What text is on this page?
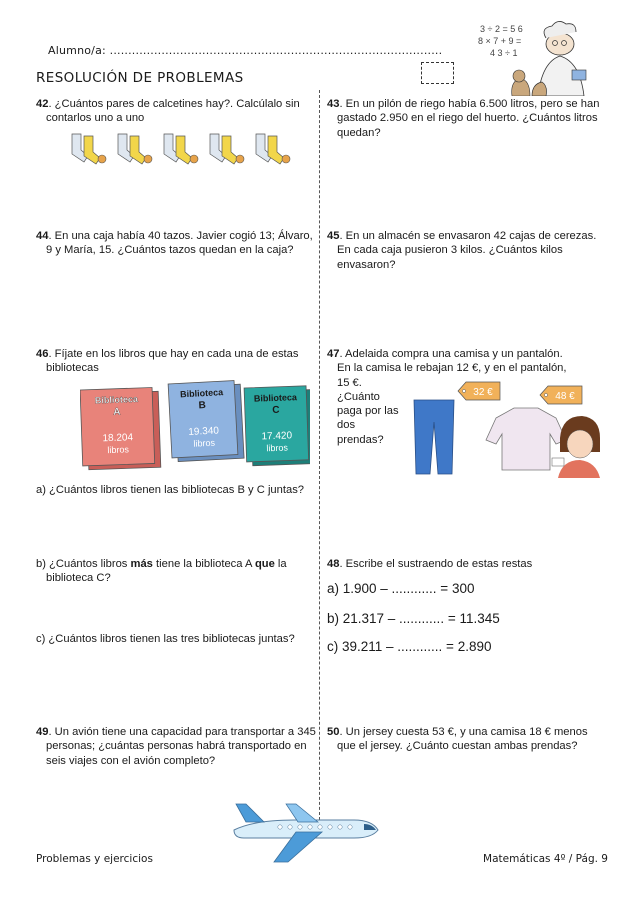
Alumno/a: ..........................................................................................
RESOLUCIÓN DE PROBLEMAS
3 ÷ 2 = 5 6
8 × 7 + 9 =
4 3 ÷ 1
42. ¿Cuántos pares de calcetines hay?. Calcúlalo sin contarlos uno a uno
43. En un pilón de riego había 6.500 litros, pero se han gastado 2.950 en el riego del huerto. ¿Cuántos litros quedan?
44. En una caja había 40 tazos. Javier cogió 13; Álvaro, 9 y María, 15. ¿Cuántos tazos quedan en la caja?
45. En un almacén se envasaron 42 cajas de cerezas. En cada caja pusieron 3 kilos. ¿Cuántos kilos envasaron?
46. Fíjate en los libros que hay en cada una de estas bibliotecas
Biblioteca
A
18.204
libros
Biblioteca
B
19.340
libros
Biblioteca
C
17.420
libros
47. Adelaida compra una camisa y un pantalón.
En la camisa le rebajan 12 €, y en el pantalón,
15 €.
¿Cuánto
paga por las
dos
prendas?
32 €	48 €
a) ¿Cuántos libros tienen las bibliotecas B y C juntas?
b) ¿Cuántos libros más tiene la biblioteca A que la biblioteca C?
48. Escribe el sustraendo de estas restas
a) 1.900 – ............ = 300
b) 21.317 – ............ = 11.345
c) 39.211 – ............ = 2.890
c) ¿Cuántos libros tienen las tres bibliotecas juntas?
49. Un avión tiene una capacidad para transportar a 345 personas; ¿cuántas personas habrá transportado en seis viajes con el avión completo?
50. Un jersey cuesta 53 €, y una camisa 18 € menos que el jersey. ¿Cuánto cuestan ambas prendas?
Problemas y ejercicios	Matemáticas 4º / Pág. 9
